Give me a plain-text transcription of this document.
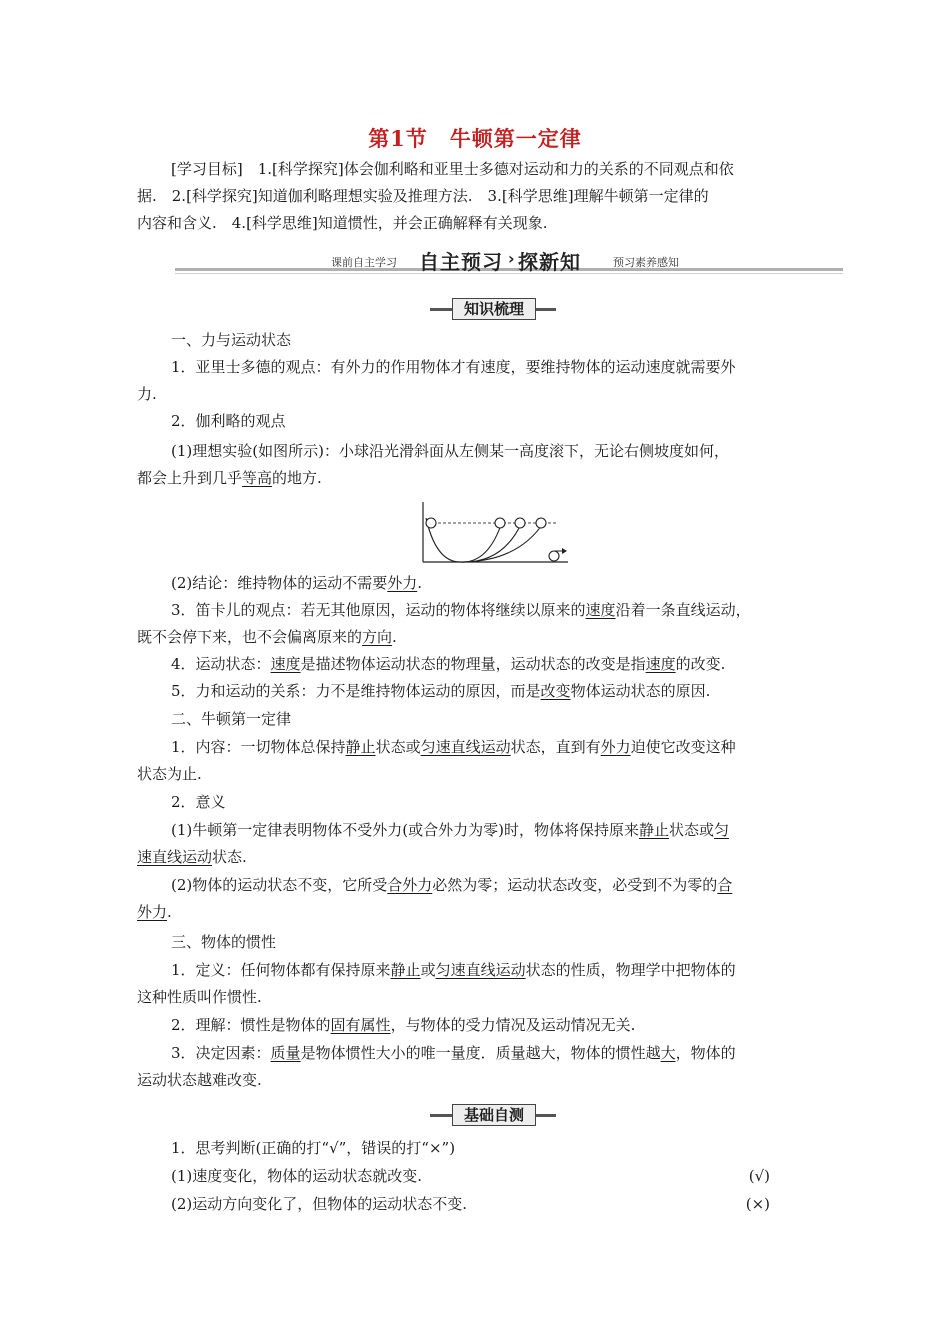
第1节　牛顿第一定律
[学习目标]　1.[科学探究]体会伽利略和亚里士多德对运动和力的关系的不同观点和依
据.　2.[科学探究]知道伽利略理想实验及推理方法.　3.[科学思维]理解牛顿第一定律的
内容和含义.　4.[科学思维]知道惯性，并会正确解释有关现象.
课前自主学习 自主预习 › 探新知	预习素养感知
知识梳理
一、力与运动状态
1．亚里士多德的观点：有外力的作用物体才有速度，要维持物体的运动速度就需要外
力.
2．伽利略的观点
(1)理想实验(如图所示)：小球沿光滑斜面从左侧某一高度滚下，无论右侧坡度如何，
都会上升到几乎等高的地方.
(2)结论：维持物体的运动不需要外力.
3．笛卡儿的观点：若无其他原因，运动的物体将继续以原来的速度沿着一条直线运动，
既不会停下来，也不会偏离原来的方向.
4．运动状态：速度是描述物体运动状态的物理量，运动状态的改变是指速度的改变.
5．力和运动的关系：力不是维持物体运动的原因，而是改变物体运动状态的原因.
二、牛顿第一定律
1．内容：一切物体总保持静止状态或匀速直线运动状态，直到有外力迫使它改变这种
状态为止.
2．意义
(1)牛顿第一定律表明物体不受外力(或合外力为零)时，物体将保持原来静止状态或匀
速直线运动状态.
(2)物体的运动状态不变，它所受合外力必然为零；运动状态改变，必受到不为零的合
外力.
三、物体的惯性
1．定义：任何物体都有保持原来静止或匀速直线运动状态的性质，物理学中把物体的
这种性质叫作惯性.
2．理解：惯性是物体的固有属性，与物体的受力情况及运动情况无关.
3．决定因素：质量是物体惯性大小的唯一量度．质量越大，物体的惯性越大，物体的
运动状态越难改变.
基础自测
1．思考判断(正确的打“√”，错误的打“×”)
(1)速度变化，物体的运动状态就改变.	(√)
(2)运动方向变化了，但物体的运动状态不变.	(×)
